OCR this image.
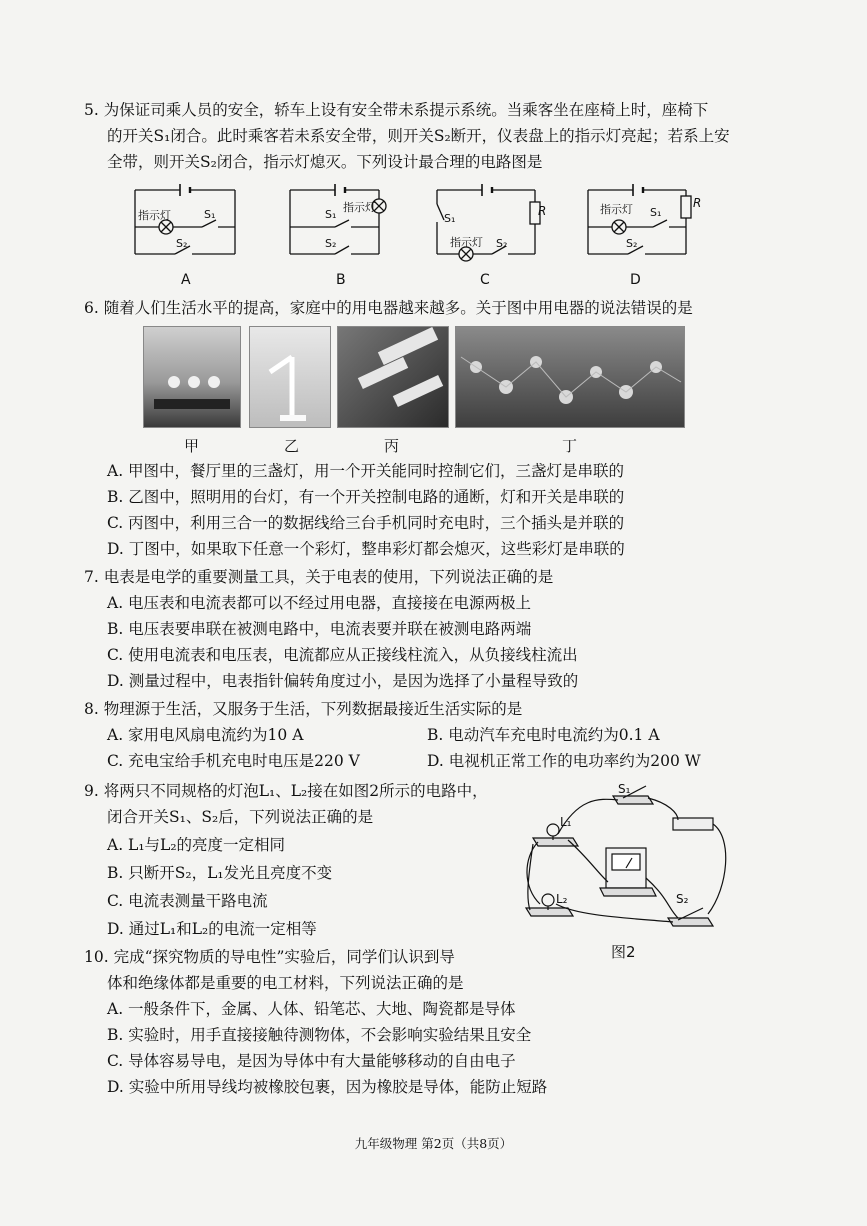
5. 为保证司乘人员的安全，轿车上设有安全带未系提示系统。当乘客坐在座椅上时，座椅下
的开关S₁闭合。此时乘客若未系安全带，则开关S₂断开，仪表盘上的指示灯亮起；若系上安
全带，则开关S₂闭合，指示灯熄灭。下列设计最合理的电路图是
指示灯	S₁
S₂
A
指示灯
S₁
S₂
B
S₁
R
指示灯 S₂
C
指示灯 S₁
R
S₂
D
6. 随着人们生活水平的提高，家庭中的用电器越来越多。关于图中用电器的说法错误的是
甲	乙	丙	丁
A. 甲图中，餐厅里的三盏灯，用一个开关能同时控制它们，三盏灯是串联的
B. 乙图中，照明用的台灯，有一个开关控制电路的通断，灯和开关是串联的
C. 丙图中，利用三合一的数据线给三台手机同时充电时，三个插头是并联的
D. 丁图中，如果取下任意一个彩灯，整串彩灯都会熄灭，这些彩灯是串联的
7. 电表是电学的重要测量工具，关于电表的使用，下列说法正确的是
A. 电压表和电流表都可以不经过用电器，直接接在电源两极上
B. 电压表要串联在被测电路中，电流表要并联在被测电路两端
C. 使用电流表和电压表，电流都应从正接线柱流入，从负接线柱流出
D. 测量过程中，电表指针偏转角度过小，是因为选择了小量程导致的
8. 物理源于生活，又服务于生活，下列数据最接近生活实际的是
A. 家用电风扇电流约为10 A	B. 电动汽车充电时电流约为0.1 A
C. 充电宝给手机充电时电压是220 V	D. 电视机正常工作的电功率约为200 W
9. 将两只不同规格的灯泡L₁、L₂接在如图2所示的电路中，
闭合开关S₁、S₂后，下列说法正确的是
A. L₁与L₂的亮度一定相同
B. 只断开S₂，L₁发光且亮度不变
C. 电流表测量干路电流
D. 通过L₁和L₂的电流一定相等
L₁
L₂
S₁
S₂
图2
10. 完成“探究物质的导电性”实验后，同学们认识到导
体和绝缘体都是重要的电工材料，下列说法正确的是
A. 一般条件下，金属、人体、铅笔芯、大地、陶瓷都是导体
B. 实验时，用手直接接触待测物体，不会影响实验结果且安全
C. 导体容易导电，是因为导体中有大量能够移动的自由电子
D. 实验中所用导线均被橡胶包裹，因为橡胶是导体，能防止短路
九年级物理 第2页（共8页）
